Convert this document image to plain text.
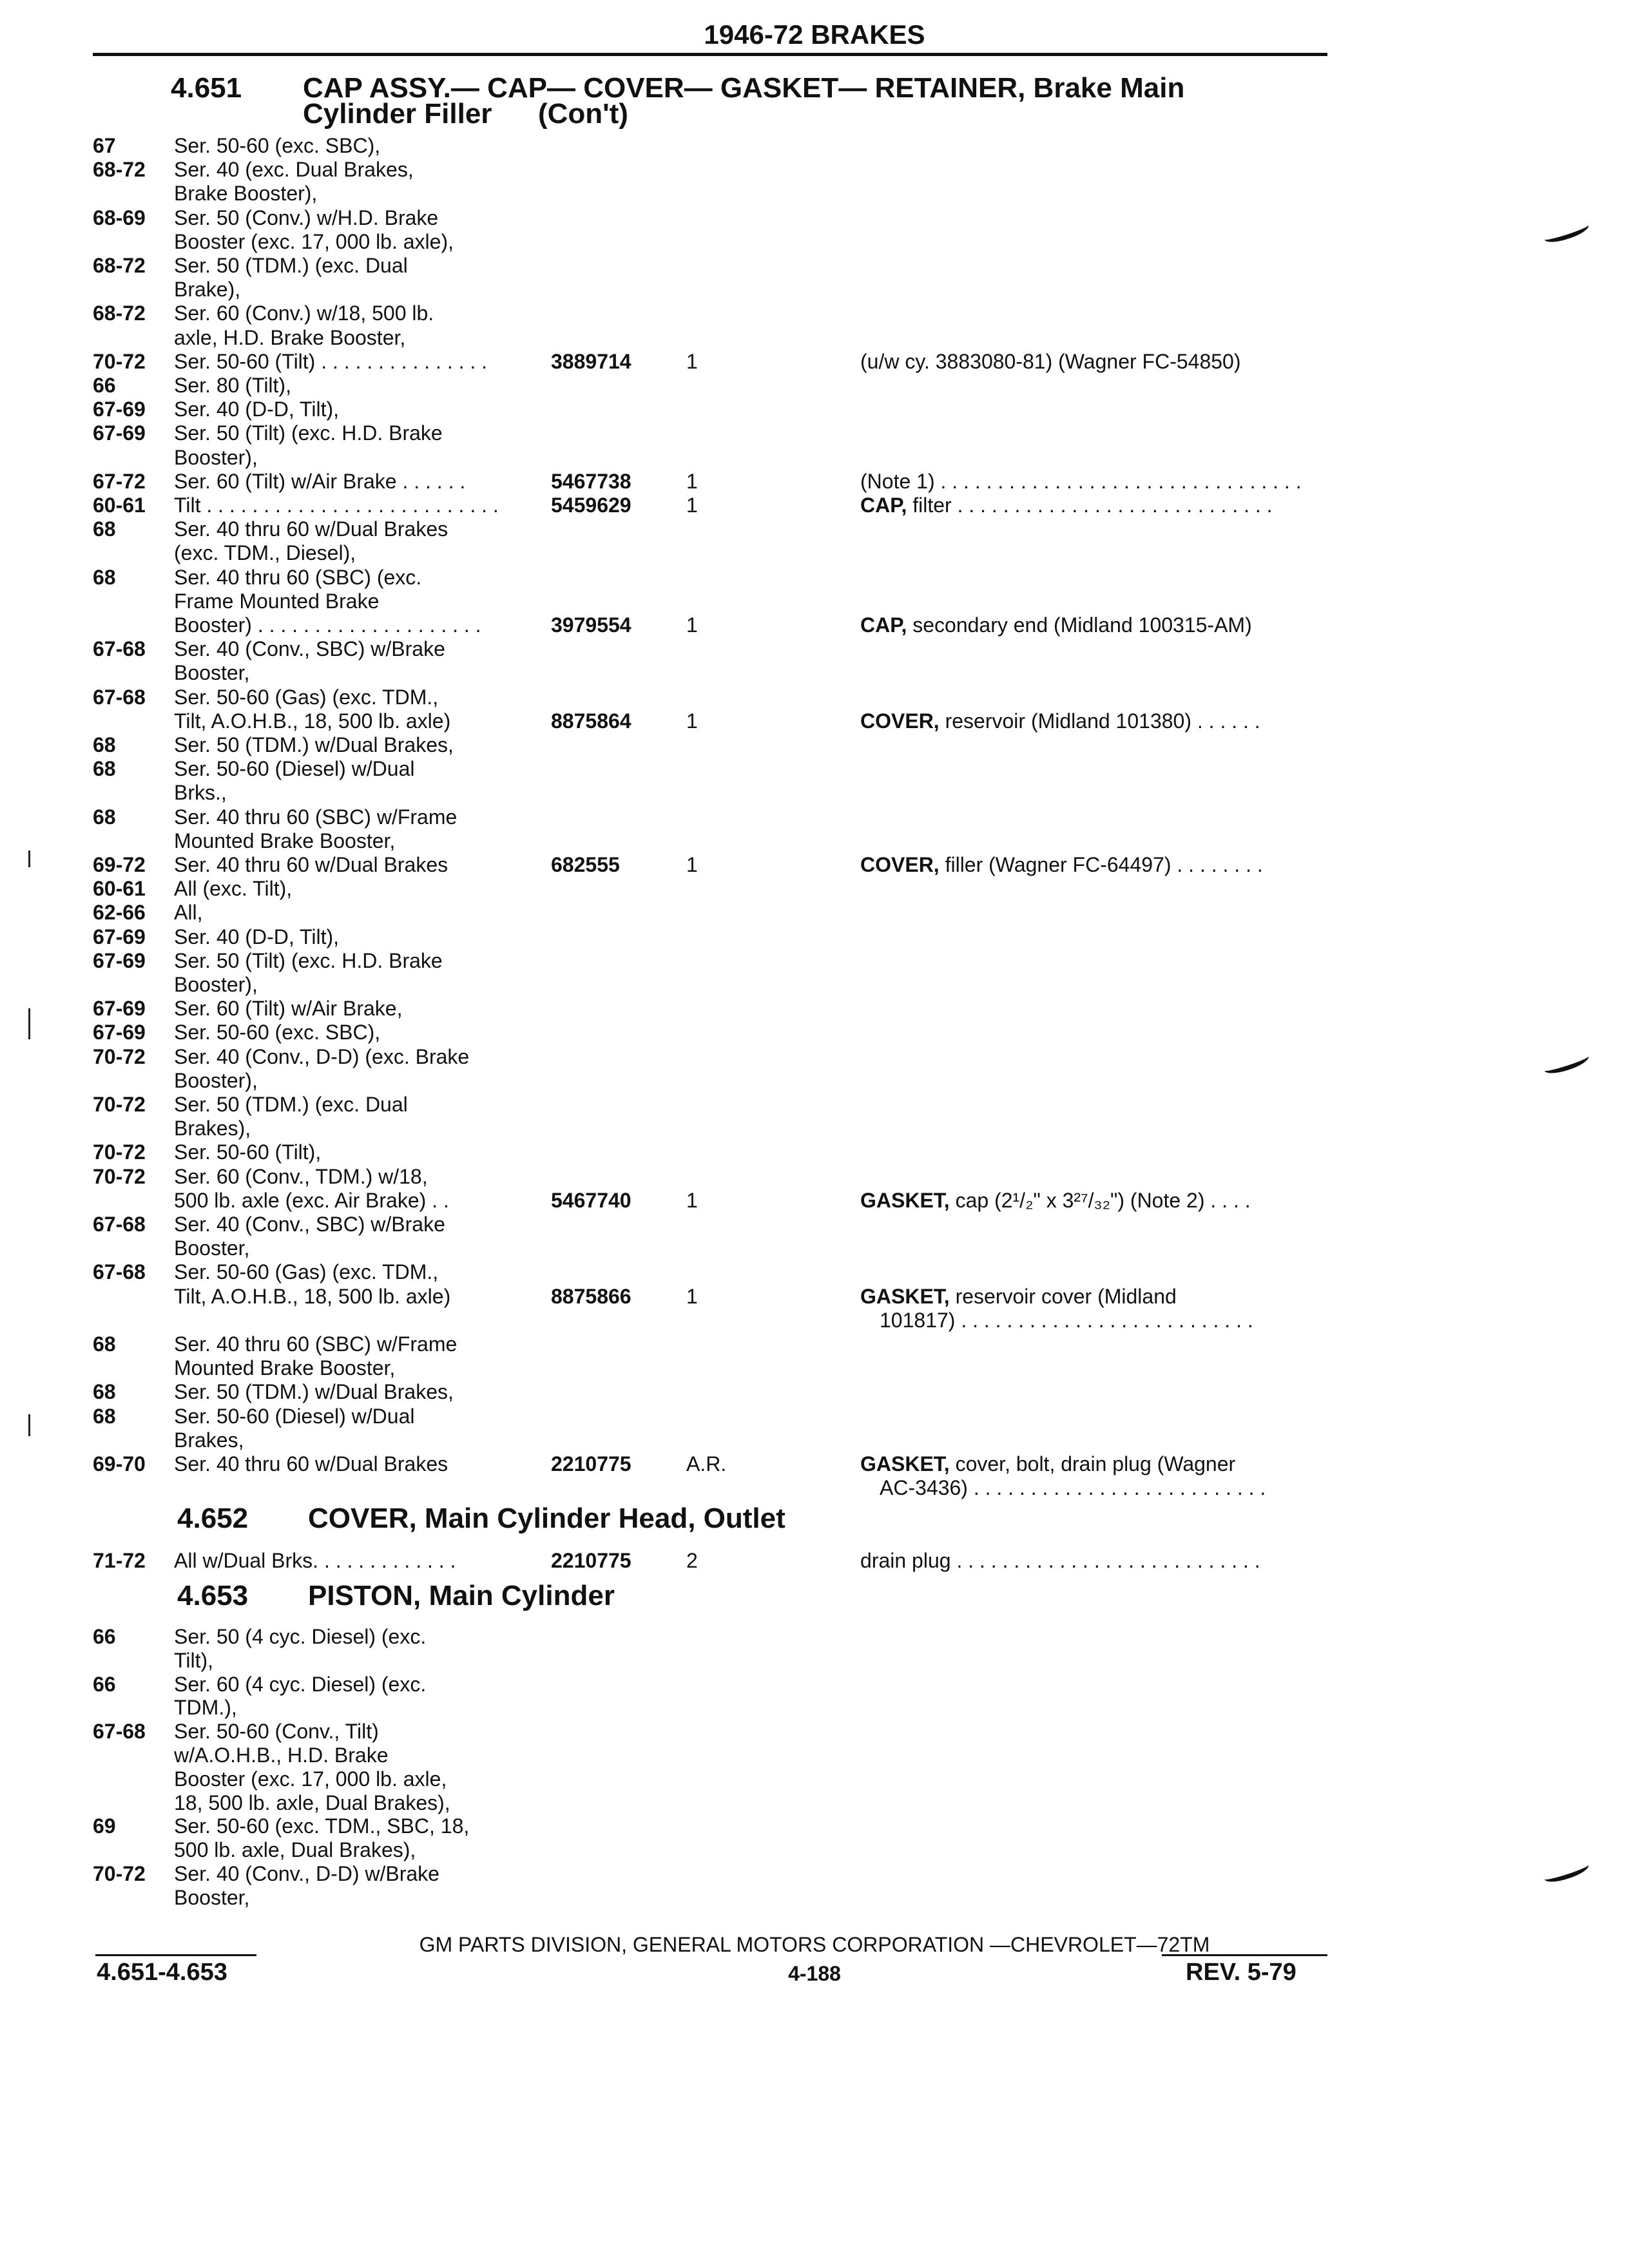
1946-72 BRAKES
4.651 CAP ASSY.— CAP— COVER— GASKET— RETAINER, Brake Main
Cylinder Filler (Con't)
67	Ser. 50-60 (exc. SBC),
68-72 Ser. 40 (exc. Dual Brakes,
Brake Booster),
68-69 Ser. 50 (Conv.) w/H.D. Brake
Booster (exc. 17, 000 lb. axle),
68-72 Ser. 50 (TDM.) (exc. Dual
Brake),
68-72 Ser. 60 (Conv.) w/18, 500 lb.
axle, H.D. Brake Booster,
70-72 Ser. 50-60 (Tilt) . . . . . . . . . . . . . . .	3889714	1	(u/w cy. 3883080-81) (Wagner FC-54850)
66	Ser. 80 (Tilt),
67-69 Ser. 40 (D-D, Tilt),
67-69 Ser. 50 (Tilt) (exc. H.D. Brake
Booster),
67-72 Ser. 60 (Tilt) w/Air Brake . . . . . .	5467738	1	(Note 1) . . . . . . . . . . . . . . . . . . . . . . . . . . . . . . . .
60-61 Tilt . . . . . . . . . . . . . . . . . . . . . . . . . .	5459629	1	CAP, filter . . . . . . . . . . . . . . . . . . . . . . . . . . . .
68	Ser. 40 thru 60 w/Dual Brakes
(exc. TDM., Diesel),
68	Ser. 40 thru 60 (SBC) (exc.
Frame Mounted Brake
Booster) . . . . . . . . . . . . . . . . . . . .	3979554	1	CAP, secondary end (Midland 100315-AM)
67-68 Ser. 40 (Conv., SBC) w/Brake
Booster,
67-68 Ser. 50-60 (Gas) (exc. TDM.,
Tilt, A.O.H.B., 18, 500 lb. axle)	8875864	1	COVER, reservoir (Midland 101380) . . . . . .
68	Ser. 50 (TDM.) w/Dual Brakes,
68	Ser. 50-60 (Diesel) w/Dual
Brks.,
68	Ser. 40 thru 60 (SBC) w/Frame
Mounted Brake Booster,
69-72 Ser. 40 thru 60 w/Dual Brakes	682555	1	COVER, filler (Wagner FC-64497) . . . . . . . .
60-61 All (exc. Tilt),
62-66 All,
67-69 Ser. 40 (D-D, Tilt),
67-69 Ser. 50 (Tilt) (exc. H.D. Brake
Booster),
67-69 Ser. 60 (Tilt) w/Air Brake,
67-69 Ser. 50-60 (exc. SBC),
70-72 Ser. 40 (Conv., D-D) (exc. Brake
Booster),
70-72 Ser. 50 (TDM.) (exc. Dual
Brakes),
70-72 Ser. 50-60 (Tilt),
70-72 Ser. 60 (Conv., TDM.) w/18,
500 lb. axle (exc. Air Brake) . .	5467740	1	GASKET, cap (2¹/₂" x 3²⁷/₃₂") (Note 2) . . . .
67-68 Ser. 40 (Conv., SBC) w/Brake
Booster,
67-68 Ser. 50-60 (Gas) (exc. TDM.,
Tilt, A.O.H.B., 18, 500 lb. axle)	8875866	1	GASKET, reservoir cover (Midland
101817) . . . . . . . . . . . . . . . . . . . . . . . . . .
68	Ser. 40 thru 60 (SBC) w/Frame
Mounted Brake Booster,
68	Ser. 50 (TDM.) w/Dual Brakes,
68	Ser. 50-60 (Diesel) w/Dual
Brakes,
69-70 Ser. 40 thru 60 w/Dual Brakes	2210775	A.R.	GASKET, cover, bolt, drain plug (Wagner
AC-3436) . . . . . . . . . . . . . . . . . . . . . . . . . .
4.652 COVER, Main Cylinder Head, Outlet
71-72 All w/Dual Brks. . . . . . . . . . . . .	2210775	2	drain plug . . . . . . . . . . . . . . . . . . . . . . . . . . .
4.653 PISTON, Main Cylinder
66	Ser. 50 (4 cyc. Diesel) (exc.
Tilt),
66	Ser. 60 (4 cyc. Diesel) (exc.
TDM.),
67-68 Ser. 50-60 (Conv., Tilt)
w/A.O.H.B., H.D. Brake
Booster (exc. 17, 000 lb. axle,
18, 500 lb. axle, Dual Brakes),
69	Ser. 50-60 (exc. TDM., SBC, 18,
500 lb. axle, Dual Brakes),
70-72 Ser. 40 (Conv., D-D) w/Brake
Booster,
GM PARTS DIVISION, GENERAL MOTORS CORPORATION —CHEVROLET—72TM
4.651-4.653	4-188	REV. 5-79
